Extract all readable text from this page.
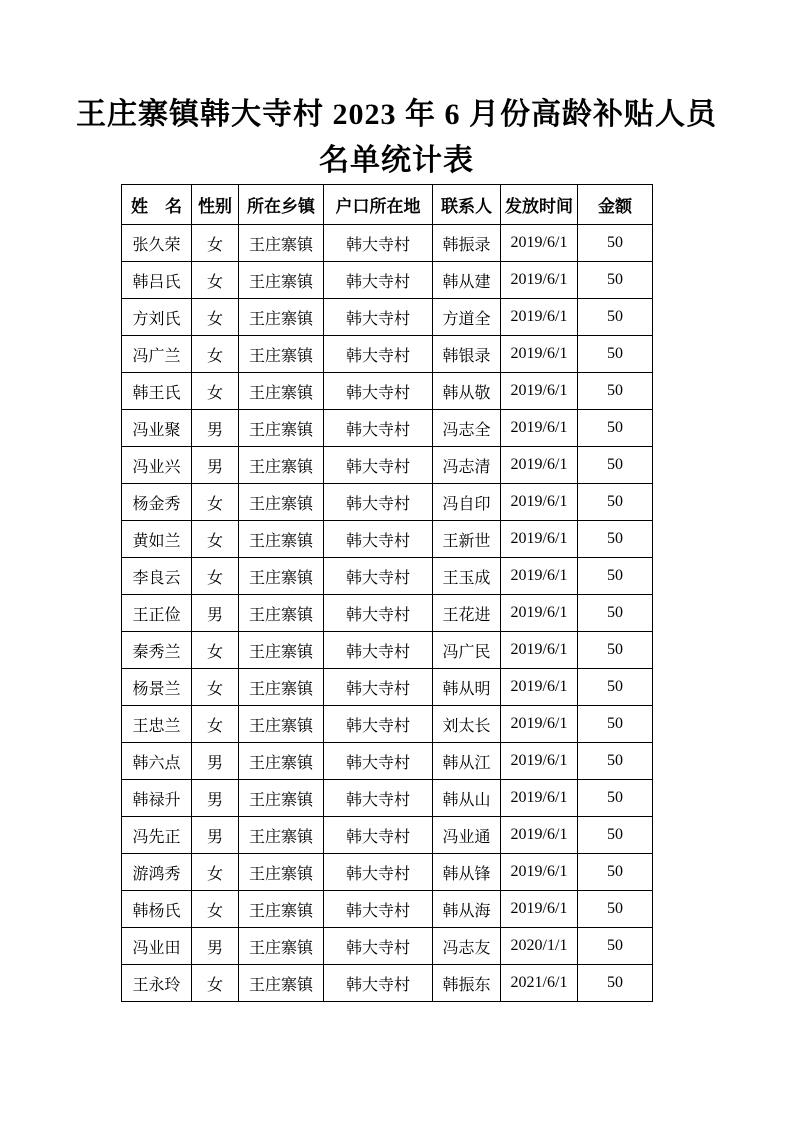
王庄寨镇韩大寺村 2023 年 6 月份高龄补贴人员
名单统计表
姓　名	性别	所在乡镇	户口所在地	联系人	发放时间	金额
张久荣	女	王庄寨镇	韩大寺村	韩振录	2019/6/1	50
韩吕氏	女	王庄寨镇	韩大寺村	韩从建	2019/6/1	50
方刘氏	女	王庄寨镇	韩大寺村	方道全	2019/6/1	50
冯广兰	女	王庄寨镇	韩大寺村	韩银录	2019/6/1	50
韩王氏	女	王庄寨镇	韩大寺村	韩从敬	2019/6/1	50
冯业聚	男	王庄寨镇	韩大寺村	冯志全	2019/6/1	50
冯业兴	男	王庄寨镇	韩大寺村	冯志清	2019/6/1	50
杨金秀	女	王庄寨镇	韩大寺村	冯自印	2019/6/1	50
黄如兰	女	王庄寨镇	韩大寺村	王新世	2019/6/1	50
李良云	女	王庄寨镇	韩大寺村	王玉成	2019/6/1	50
王正俭	男	王庄寨镇	韩大寺村	王花进	2019/6/1	50
秦秀兰	女	王庄寨镇	韩大寺村	冯广民	2019/6/1	50
杨景兰	女	王庄寨镇	韩大寺村	韩从明	2019/6/1	50
王忠兰	女	王庄寨镇	韩大寺村	刘太长	2019/6/1	50
韩六点	男	王庄寨镇	韩大寺村	韩从江	2019/6/1	50
韩禄升	男	王庄寨镇	韩大寺村	韩从山	2019/6/1	50
冯先正	男	王庄寨镇	韩大寺村	冯业通	2019/6/1	50
游鸿秀	女	王庄寨镇	韩大寺村	韩从锋	2019/6/1	50
韩杨氏	女	王庄寨镇	韩大寺村	韩从海	2019/6/1	50
冯业田	男	王庄寨镇	韩大寺村	冯志友	2020/1/1	50
王永玲	女	王庄寨镇	韩大寺村	韩振东	2021/6/1	50
